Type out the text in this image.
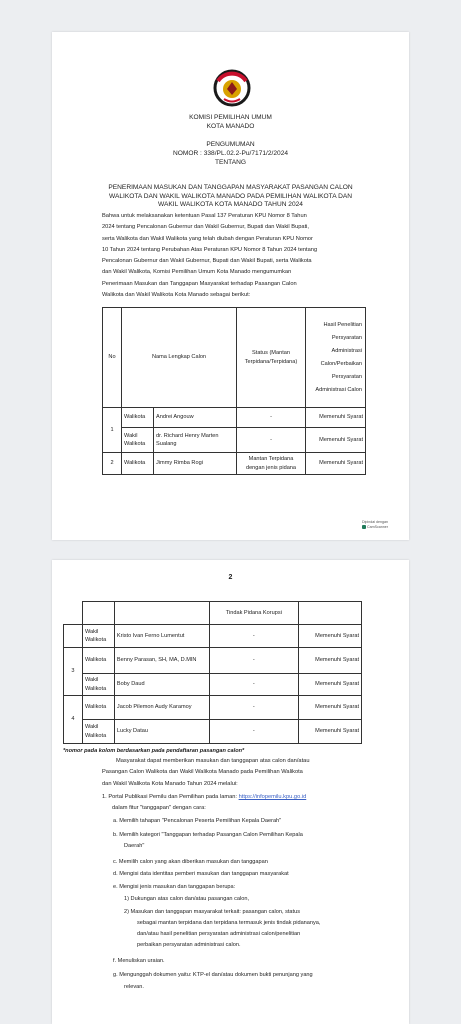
KOMISI PEMILIHAN UMUM
KOTA MANADO
PENGUMUMAN
NOMOR : 338/PL.02.2-Pu/7171/2/2024
TENTANG
PENERIMAAN MASUKAN DAN TANGGAPAN MASYARAKAT PASANGAN CALON
WALIKOTA DAN WAKIL WALIKOTA MANADO PADA PEMILIHAN WALIKOTA DAN
WAKIL WALIKOTA KOTA MANADO TAHUN 2024
Bahwa untuk melaksanakan ketentuan Pasal 137 Peraturan KPU Nomor 8 Tahun
2024 tentang Pencalonan Gubernur dan Wakil Gubernur, Bupati dan Wakil Bupati,
serta Walikota dan Wakil Walikota yang telah diubah dengan Peraturan KPU Nomor
10 Tahun 2024 tentang Perubahan Atas Peraturan KPU Nomor 8 Tahun 2024 tentang
Pencalonan Gubernur dan Wakil Gubernur, Bupati dan Wakil Bupati, serta Walikota
dan Wakil Walikota, Komisi Pemilihan Umum Kota Manado mengumumkan
Penerimaan Masukan dan Tanggapan Masyarakat terhadap Pasangan Calon
Walikota dan Wakil Walikota Kota Manado sebagai berikut:
No	Nama Lengkap Calon		Status (Mantan Terpidana/Terpidana)	Hasil Penelitian Persyaratan Administrasi Calon/Perbaikan Persyaratan Administrasi Calon
1	Walikota	Andrei Angouw	-	Memenuhi Syarat
	Wakil Walikota	dr. Richard Henry Marten Sualang	-	Memenuhi Syarat
2	Walikota	Jimmy Rimba Rogi	Mantan Terpidana dengan jenis pidana	Memenuhi Syarat
Dipindai dengan
CamScanner
2
			Tindak Pidana Korupsi	
	Wakil Walikota	Kristo Ivan Ferno Lumentut	-	Memenuhi Syarat
3	Walikota	Benny Parasan, SH, MA, D.MIN	-	Memenuhi Syarat
	Wakil Walikota	Boby Daud	-	Memenuhi Syarat
4	Walikota	Jacob Pilemon Audy Karamoy	-	Memenuhi Syarat
	Wakil Walikota	Lucky Datau	-	Memenuhi Syarat
*nomor pada kolom berdasarkan pada pendaftaran pasangan calon*
Masyarakat dapat memberikan masukan dan tanggapan atas calon dan/atau
Pasangan Calon Walikota dan Wakil Walikota Manado pada Pemilihan Walikota
dan Wakil Walikota Kota Manado Tahun 2024 melalui:
1. Portal Publikasi Pemilu dan Pemilihan pada laman: https://infopemilu.kpu.go.id
dalam fitur "tanggapan" dengan cara:
a. Memilih tahapan "Pencalonan Peserta Pemilihan Kepala Daerah"
b. Memilih kategori "Tanggapan terhadap Pasangan Calon Pemilihan Kepala
Daerah"
c. Memilih calon yang akan diberikan masukan dan tanggapan
d. Mengisi data identitas pemberi masukan dan tanggapan masyarakat
e. Mengisi jenis masukan dan tanggapan berupa:
1) Dukungan atas calon dan/atau pasangan calon,
2) Masukan dan tanggapan masyarakat terkait: pasangan calon, status
sebagai mantan terpidana dan terpidana termasuk jenis tindak pidananya,
dan/atau hasil penelitian persyaratan administrasi calon/penelitian
perbaikan persyaratan administrasi calon.
f. Menuliskan uraian.
g. Mengunggah dokumen yaitu: KTP-el dan/atau dokumen bukti penunjang yang
relevan.
